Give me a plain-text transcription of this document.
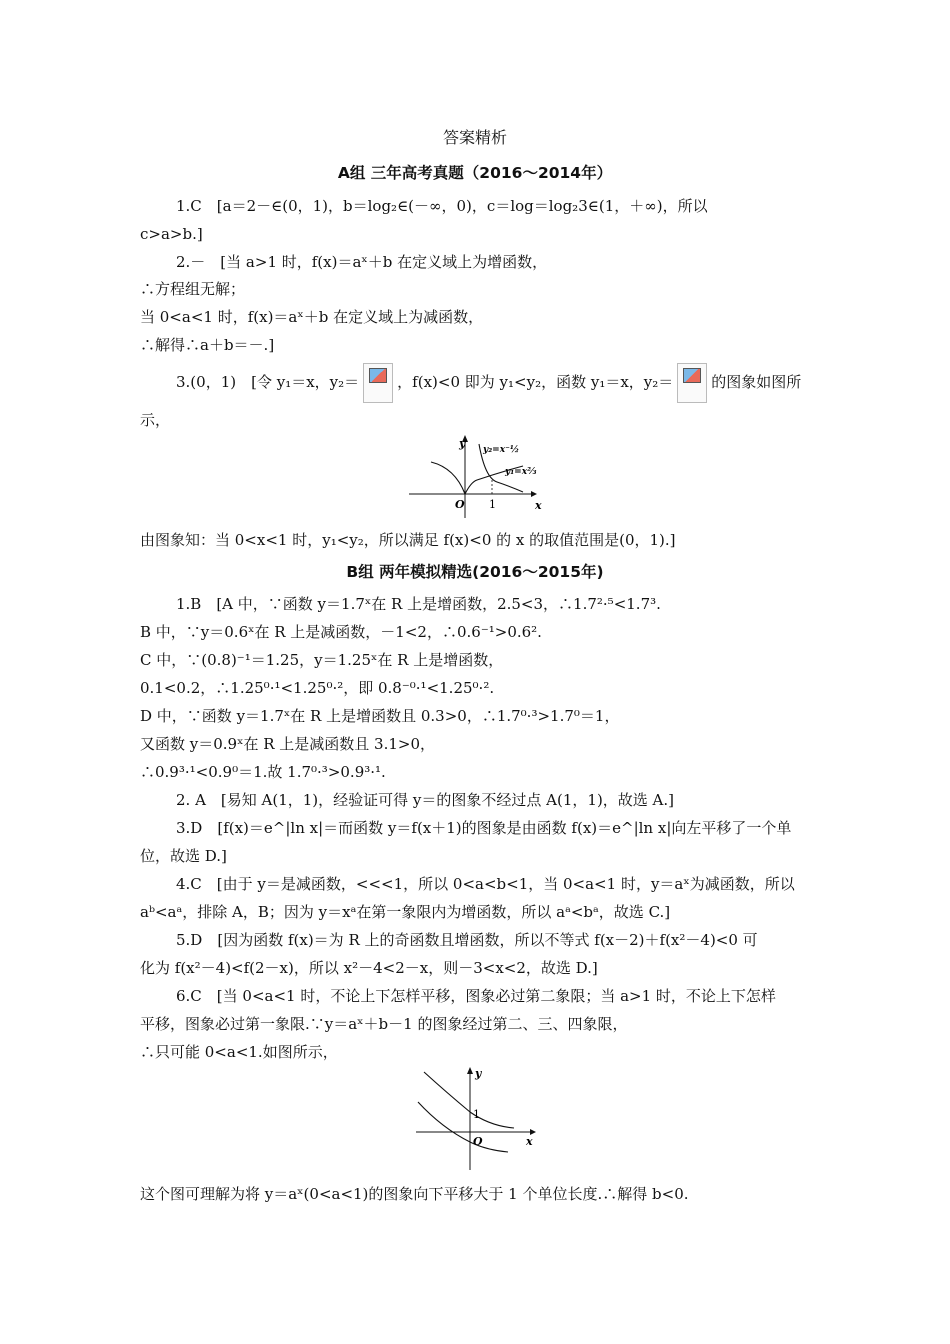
答案精析
A组 三年高考真题（2016～2014年）
1.C　[a＝2－∈(0，1)，b＝log₂∈(－∞，0)，c＝log＝log₂3∈(1，＋∞)，所以
c>a>b.]
2.－　[当 a>1 时，f(x)＝aˣ＋b 在定义域上为增函数，
∴方程组无解；
当 0<a<1 时，f(x)＝aˣ＋b 在定义域上为减函数，
∴解得∴a＋b＝－.]
3.(0，1)　[令 y₁＝x，y₂＝	，f(x)<0 即为 y₁<y₂，函数 y₁＝x，y₂＝	的图象如图所
示，
y
x
O 1
y₂=x⁻½
y₁=x⅔
由图象知：当 0<x<1 时，y₁<y₂，所以满足 f(x)<0 的 x 的取值范围是(0，1).]
B组 两年模拟精选(2016～2015年)
1.B　[A 中，∵函数 y＝1.7ˣ在 R 上是增函数，2.5<3，∴1.7²·⁵<1.7³.
B 中，∵y＝0.6ˣ在 R 上是减函数，－1<2，∴0.6⁻¹>0.6².
C 中，∵(0.8)⁻¹＝1.25，y＝1.25ˣ在 R 上是增函数，
0.1<0.2，∴1.25⁰·¹<1.25⁰·²，即 0.8⁻⁰·¹<1.25⁰·².
D 中，∵函数 y＝1.7ˣ在 R 上是增函数且 0.3>0，∴1.7⁰·³>1.7⁰＝1，
又函数 y＝0.9ˣ在 R 上是减函数且 3.1>0，
∴0.9³·¹<0.9⁰＝1.故 1.7⁰·³>0.9³·¹.
2. A　[易知 A(1，1)，经验证可得 y＝的图象不经过点 A(1，1)，故选 A.]
3.D　[f(x)＝e^|ln x|＝而函数 y＝f(x＋1)的图象是由函数 f(x)＝e^|ln x|向左平移了一个单
位，故选 D.]
4.C　[由于 y＝是减函数，<<<1，所以 0<a<b<1，当 0<a<1 时，y＝aˣ为减函数，所以
aᵇ<aᵃ，排除 A，B；因为 y＝xᵃ在第一象限内为增函数，所以 aᵃ<bᵃ，故选 C.]
5.D　[因为函数 f(x)＝为 R 上的奇函数且增函数，所以不等式 f(x－2)＋f(x²－4)<0 可
化为 f(x²－4)<f(2－x)，所以 x²－4<2－x，则－3<x<2，故选 D.]
6.C　[当 0<a<1 时，不论上下怎样平移，图象必过第二象限；当 a>1 时，不论上下怎样
平移，图象必过第一象限.∵y＝aˣ＋b－1 的图象经过第二、三、四象限，
∴只可能 0<a<1.如图所示，
y
x
O
1
这个图可理解为将 y＝aˣ(0<a<1)的图象向下平移大于 1 个单位长度.∴解得 b<0.
